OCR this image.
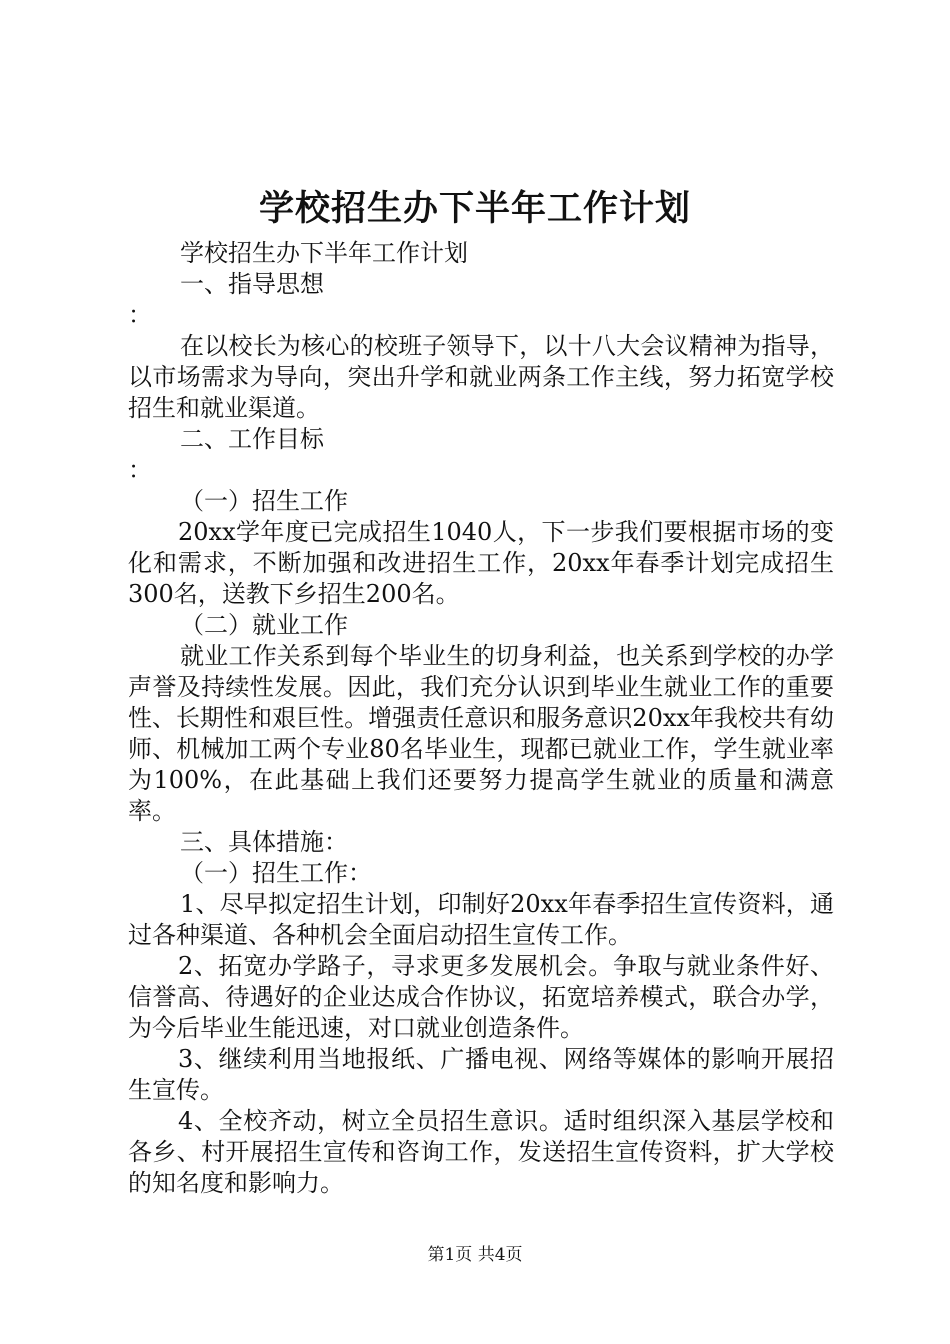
学校招生办下半年工作计划

学校招生办下半年工作计划

一、指导思想

：

在以校长为核心的校班子领导下，以十八大会议精神为指导，以市场需求为导向，突出升学和就业两条工作主线，努力拓宽学校招生和就业渠道。

二、工作目标

：

（一）招生工作

20xx学年度已完成招生1040人，下一步我们要根据市场的变化和需求，不断加强和改进招生工作，20xx年春季计划完成招生300名，送教下乡招生200名。

（二）就业工作

就业工作关系到每个毕业生的切身利益，也关系到学校的办学声誉及持续性发展。因此，我们充分认识到毕业生就业工作的重要性、长期性和艰巨性。增强责任意识和服务意识20xx年我校共有幼师、机械加工两个专业80名毕业生，现都已就业工作，学生就业率为100%，在此基础上我们还要努力提高学生就业的质量和满意率。

三、具体措施：

（一）招生工作：

1、尽早拟定招生计划，印制好20xx年春季招生宣传资料，通过各种渠道、各种机会全面启动招生宣传工作。

2、拓宽办学路子，寻求更多发展机会。争取与就业条件好、信誉高、待遇好的企业达成合作协议，拓宽培养模式，联合办学，为今后毕业生能迅速，对口就业创造条件。

3、继续利用当地报纸、广播电视、网络等媒体的影响开展招生宣传。

4、全校齐动，树立全员招生意识。适时组织深入基层学校和各乡、村开展招生宣传和咨询工作，发送招生宣传资料，扩大学校的知名度和影响力。

第1页 共4页
